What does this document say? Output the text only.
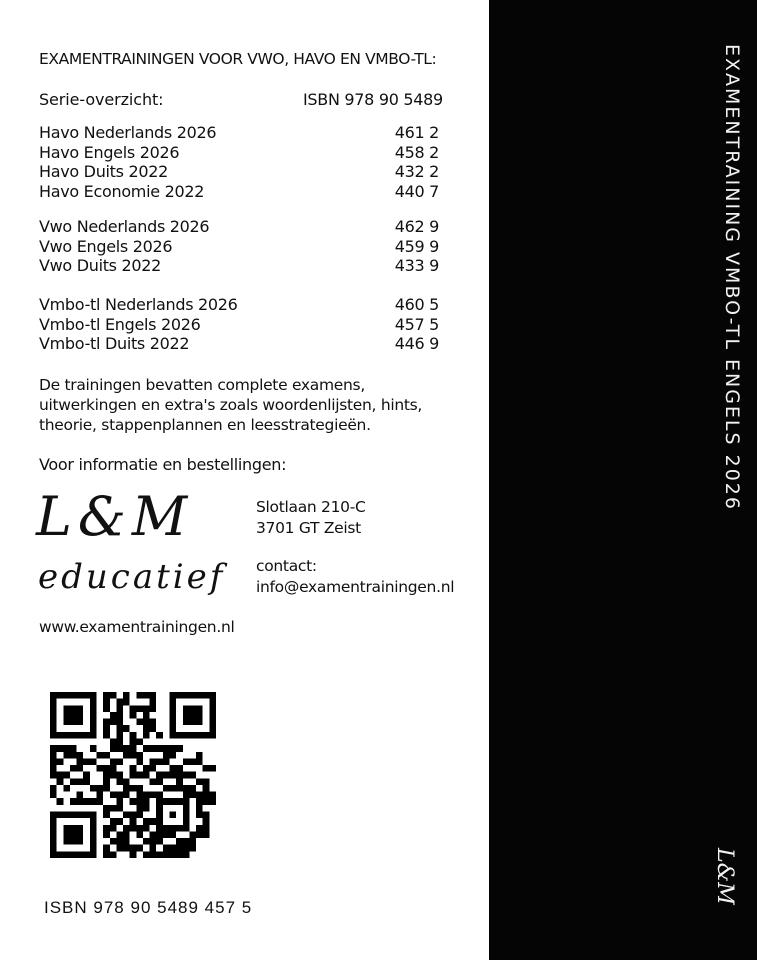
EXAMENTRAININGEN VOOR VWO, HAVO EN VMBO-TL:
Serie-overzicht:	ISBN 978 90 5489
Havo Nederlands 2026	461 2
Havo Engels 2026	458 2
Havo Duits 2022	432 2
Havo Economie 2022	440 7
Vwo Nederlands 2026	462 9
Vwo Engels 2026	459 9
Vwo Duits 2022	433 9
Vmbo-tl Nederlands 2026	460 5
Vmbo-tl Engels 2026	457 5
Vmbo-tl Duits 2022	446 9
De trainingen bevatten complete examens,
uitwerkingen en extra's zoals woordenlijsten, hints,
theorie, stappenplannen en leesstrategieën.
Voor informatie en bestellingen:
L&M
educatief
Slotlaan 210-C
3701 GT Zeist
contact:
info@examentrainingen.nl
www.examentrainingen.nl
ISBN 978 90 5489 457 5
EXAMENTRAINING VMBO-TL ENGELS 2026
L&M
